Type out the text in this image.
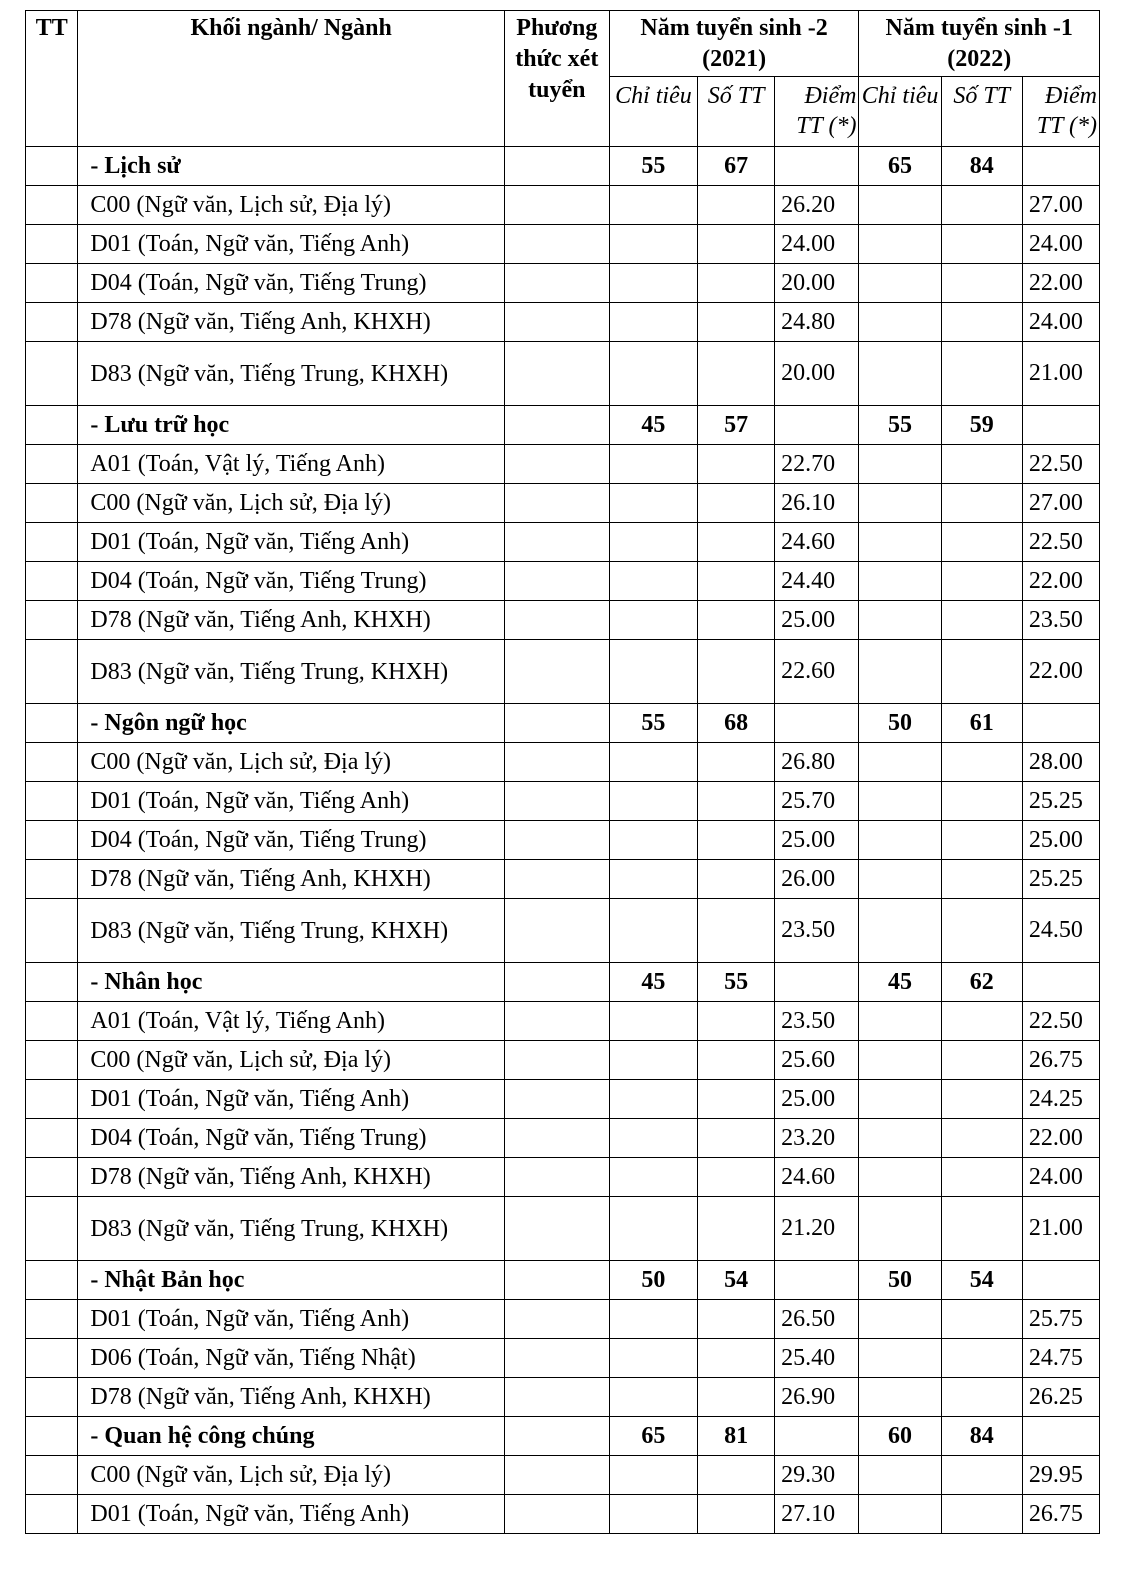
TT	Khối ngành/ Ngành	Phương thức xét tuyển	Năm tuyển sinh -2 (2021)			Năm tuyển sinh -1 (2022)		
			Chỉ tiêu	Số TT	Điểm TT (*)	Chỉ tiêu	Số TT	Điểm TT (*)
	- Lịch sử		55	67		65	84	
	C00 (Ngữ văn, Lịch sử, Địa lý)				26.20			27.00
	D01 (Toán, Ngữ văn, Tiếng Anh)				24.00			24.00
	D04 (Toán, Ngữ văn, Tiếng Trung)				20.00			22.00
	D78 (Ngữ văn, Tiếng Anh, KHXH)				24.80			24.00
	D83 (Ngữ văn, Tiếng Trung, KHXH)				20.00			21.00
	- Lưu trữ học		45	57		55	59	
	A01 (Toán, Vật lý, Tiếng Anh)				22.70			22.50
	C00 (Ngữ văn, Lịch sử, Địa lý)				26.10			27.00
	D01 (Toán, Ngữ văn, Tiếng Anh)				24.60			22.50
	D04 (Toán, Ngữ văn, Tiếng Trung)				24.40			22.00
	D78 (Ngữ văn, Tiếng Anh, KHXH)				25.00			23.50
	D83 (Ngữ văn, Tiếng Trung, KHXH)				22.60			22.00
	- Ngôn ngữ học		55	68		50	61	
	C00 (Ngữ văn, Lịch sử, Địa lý)				26.80			28.00
	D01 (Toán, Ngữ văn, Tiếng Anh)				25.70			25.25
	D04 (Toán, Ngữ văn, Tiếng Trung)				25.00			25.00
	D78 (Ngữ văn, Tiếng Anh, KHXH)				26.00			25.25
	D83 (Ngữ văn, Tiếng Trung, KHXH)				23.50			24.50
	- Nhân học		45	55		45	62	
	A01 (Toán, Vật lý, Tiếng Anh)				23.50			22.50
	C00 (Ngữ văn, Lịch sử, Địa lý)				25.60			26.75
	D01 (Toán, Ngữ văn, Tiếng Anh)				25.00			24.25
	D04 (Toán, Ngữ văn, Tiếng Trung)				23.20			22.00
	D78 (Ngữ văn, Tiếng Anh, KHXH)				24.60			24.00
	D83 (Ngữ văn, Tiếng Trung, KHXH)				21.20			21.00
	- Nhật Bản học		50	54		50	54	
	D01 (Toán, Ngữ văn, Tiếng Anh)				26.50			25.75
	D06 (Toán, Ngữ văn, Tiếng Nhật)				25.40			24.75
	D78 (Ngữ văn, Tiếng Anh, KHXH)				26.90			26.25
	- Quan hệ công chúng		65	81		60	84	
	C00 (Ngữ văn, Lịch sử, Địa lý)				29.30			29.95
	D01 (Toán, Ngữ văn, Tiếng Anh)				27.10			26.75
